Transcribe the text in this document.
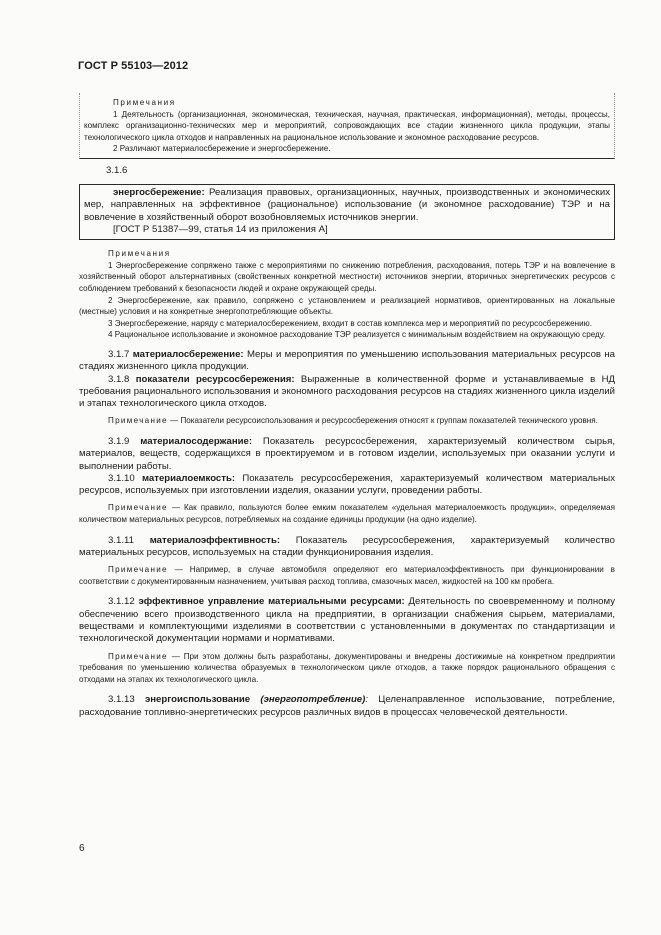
ГОСТ Р 55103—2012

Примечания

1 Деятельность (организационная, экономическая, техническая, научная, практическая, информационная), методы, процессы, комплекс организационно-технических мер и мероприятий, сопровождающих все стадии жизненного цикла продукции, этапы технологического цикла отходов и направленных на рациональное использование и экономное расходование ресурсов.

2 Различают материалосбережение и энергосбережение.

3.1.6

энергосбережение: Реализация правовых, организационных, научных, производственных и экономических мер, направленных на эффективное (рациональное) использование (и экономное расходование) ТЭР и на вовлечение в хозяйственный оборот возобновляемых источников энергии.

[ГОСТ Р 51387—99, статья 14 из приложения А]

Примечания

1 Энергосбережение сопряжено также с мероприятиями по снижению потребления, расходования, потерь ТЭР и на вовлечение в хозяйственный оборот альтернативных (свойственных конкретной местности) источников энергии, вторичных энергетических ресурсов с соблюдением требований к безопасности людей и охране окружающей среды.

2 Энергосбережение, как правило, сопряжено с установлением и реализацией нормативов, ориентированных на локальные (местные) условия и на конкретные энергопотребляющие объекты.

3 Энергосбережение, наряду с материалосбережением, входит в состав комплекса мер и мероприятий по ресурсосбережению.

4 Рациональное использование и экономное расходование ТЭР реализуется с минимальным воздействием на окружающую среду.

3.1.7 материалосбережение: Меры и мероприятия по уменьшению использования материальных ресурсов на стадиях жизненного цикла продукции.

3.1.8 показатели ресурсосбережения: Выраженные в количественной форме и устанавливаемые в НД требования рационального использования и экономного расходования ресурсов на стадиях жизненного цикла изделий и этапах технологического цикла отходов.

Примечание — Показатели ресурсоиспользования и ресурсосбережения относят к группам показателей технического уровня.

3.1.9 материалосодержание: Показатель ресурсосбережения, характеризуемый количеством сырья, материалов, веществ, содержащихся в проектируемом и в готовом изделии, используемых при оказании услуги и выполнении работы.

3.1.10 материалоемкость: Показатель ресурсосбережения, характеризуемый количеством материальных ресурсов, используемых при изготовлении изделия, оказании услуги, проведении работы.

Примечание — Как правило, пользуются более емким показателем «удельная материалоемкость продукции», определяемая количеством материальных ресурсов, потребляемых на создание единицы продукции (на одно изделие).

3.1.11 материалоэффективность: Показатель ресурсосбережения, характеризуемый количество материальных ресурсов, используемых на стадии функционирования изделия.

Примечание — Например, в случае автомобиля определяют его материалоэффективность при функционировании в соответствии с документированным назначением, учитывая расход топлива, смазочных масел, жидкостей на 100 км пробега.

3.1.12 эффективное управление материальными ресурсами: Деятельность по своевременному и полному обеспечению всего производственного цикла на предприятии, в организации снабжения сырьем, материалами, веществами и комплектующими изделиями в соответствии с установленными в документах по стандартизации и технологической документации нормами и нормативами.

Примечание — При этом должны быть разработаны, документированы и внедрены достижимые на конкретном предприятии требования по уменьшению количества образуемых в технологическом цикле отходов, а также порядок рационального обращения с отходами на этапах их технологического цикла.

3.1.13 энергоиспользование (энергопотребление): Целенаправленное использование, потребление, расходование топливно-энергетических ресурсов различных видов в процессах человеческой деятельности.

6
